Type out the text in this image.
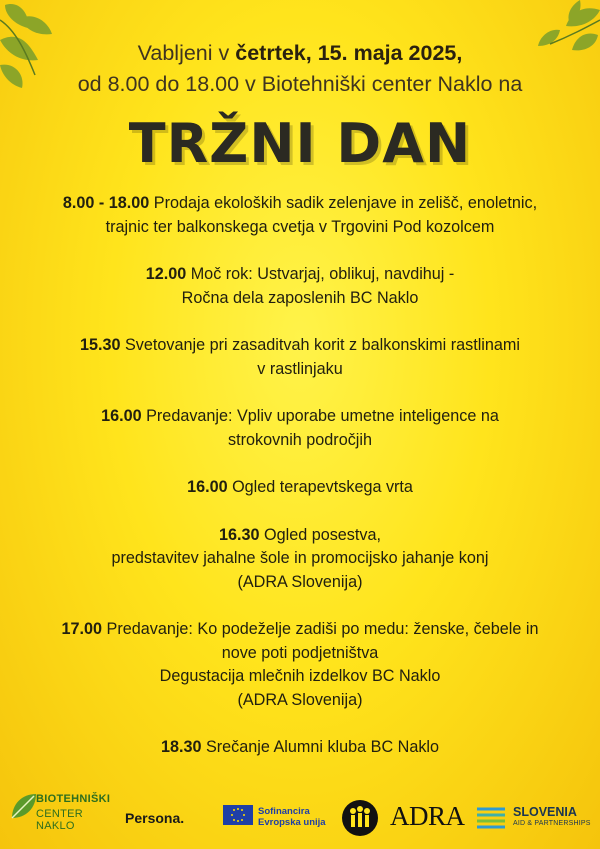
Vabljeni v četrtek, 15. maja 2025,
od 8.00 do 18.00 v Biotehniški center Naklo na
TRŽNI DAN
8.00 - 18.00 Prodaja ekoloških sadik zelenjave in zelišč, enoletnic,
trajnic ter balkonskega cvetja v Trgovini Pod kozolcem
12.00 Moč rok: Ustvarjaj, oblikuj, navdihuj -
Ročna dela zaposlenih BC Naklo
15.30 Svetovanje pri zasaditvah korit z balkonskimi rastlinami
v rastlinjaku
16.00 Predavanje: Vpliv uporabe umetne inteligence na
strokovnih področjih
16.00 Ogled terapevtskega vrta
16.30 Ogled posestva,
predstavitev jahalne šole in promocijsko jahanje konj
(ADRA Slovenija)
17.00 Predavanje: Ko podeželje zadiši po medu: ženske, čebele in
nove poti podjetništva
Degustacija mlečnih izdelkov BC Naklo
(ADRA Slovenija)
18.30 Srečanje Alumni kluba BC Naklo
BIOTEHNIŠKI
CENTER NAKLO	Persona.	Sofinancira
Evropska unija ADRA	SLOVENIA
AID & PARTNERSHIPS
